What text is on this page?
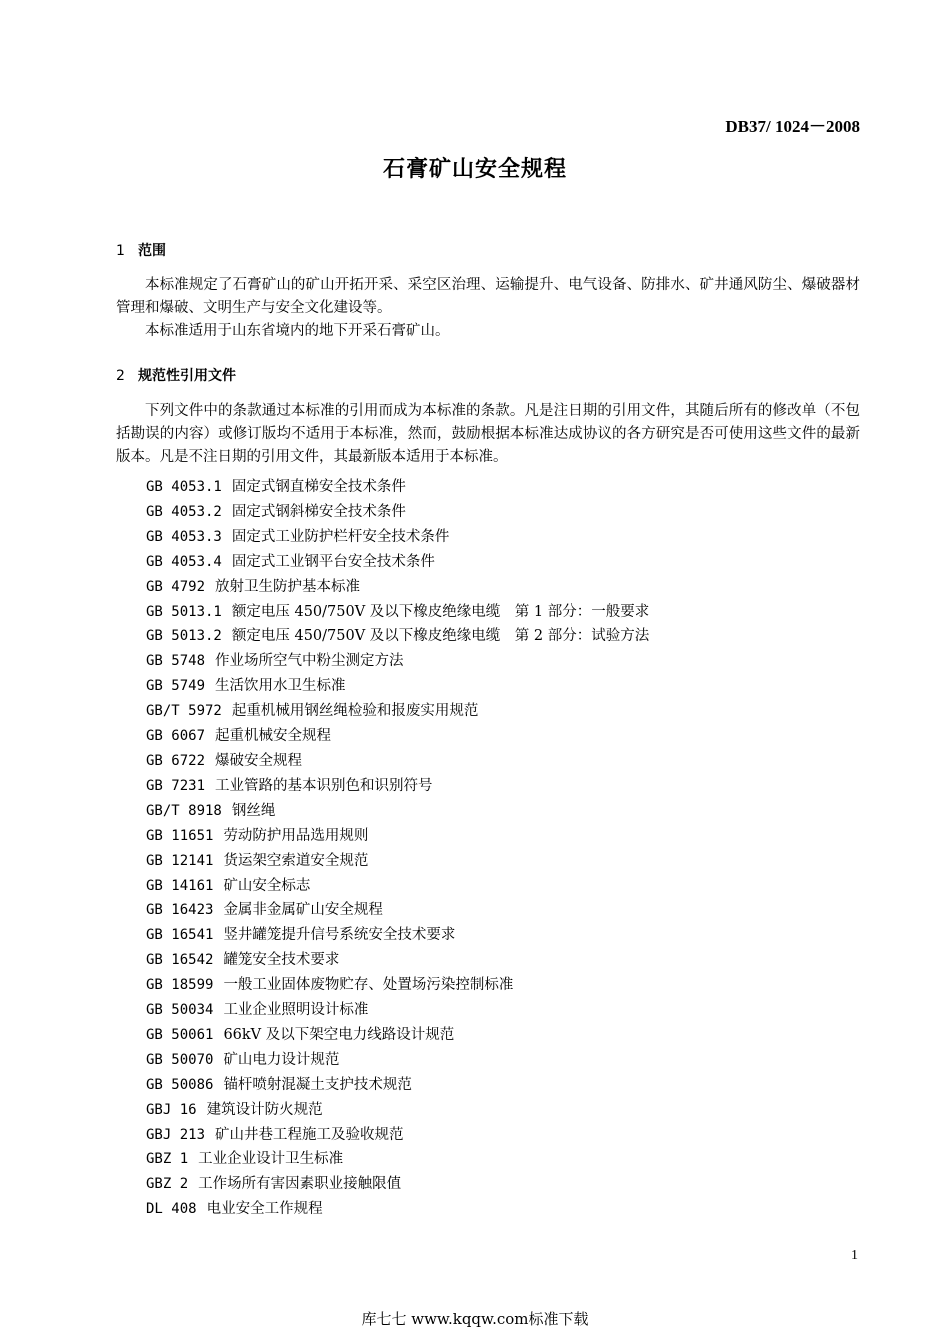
DB37/ 1024－2008
石膏矿山安全规程
1 范围

本标准规定了石膏矿山的矿山开拓开采、采空区治理、运输提升、电气设备、防排水、矿井通风防尘、爆破器材管理和爆破、文明生产与安全文化建设等。

本标准适用于山东省境内的地下开采石膏矿山。

2 规范性引用文件

下列文件中的条款通过本标准的引用而成为本标准的条款。凡是注日期的引用文件，其随后所有的修改单（不包括勘误的内容）或修订版均不适用于本标准，然而，鼓励根据本标准达成协议的各方研究是否可使用这些文件的最新版本。凡是不注日期的引用文件，其最新版本适用于本标准。

GB 4053.1 固定式钢直梯安全技术条件
GB 4053.2 固定式钢斜梯安全技术条件
GB 4053.3 固定式工业防护栏杆安全技术条件
GB 4053.4 固定式工业钢平台安全技术条件
GB 4792 放射卫生防护基本标准
GB 5013.1 额定电压 450/750V 及以下橡皮绝缘电缆　第 1 部分：一般要求
GB 5013.2 额定电压 450/750V 及以下橡皮绝缘电缆　第 2 部分：试验方法
GB 5748 作业场所空气中粉尘测定方法
GB 5749 生活饮用水卫生标准
GB/T 5972 起重机械用钢丝绳检验和报废实用规范
GB 6067 起重机械安全规程
GB 6722 爆破安全规程
GB 7231 工业管路的基本识别色和识别符号
GB/T 8918 钢丝绳
GB 11651 劳动防护用品选用规则
GB 12141 货运架空索道安全规范
GB 14161 矿山安全标志
GB 16423 金属非金属矿山安全规程
GB 16541 竖井罐笼提升信号系统安全技术要求
GB 16542 罐笼安全技术要求
GB 18599 一般工业固体废物贮存、处置场污染控制标准
GB 50034 工业企业照明设计标准
GB 50061 66kV 及以下架空电力线路设计规范
GB 50070 矿山电力设计规范
GB 50086 锚杆喷射混凝土支护技术规范
GBJ 16 建筑设计防火规范
GBJ 213 矿山井巷工程施工及验收规范
GBZ 1 工业企业设计卫生标准
GBZ 2 工作场所有害因素职业接触限值
DL 408 电业安全工作规程
1
库七七 www.kqqw.com标准下载
